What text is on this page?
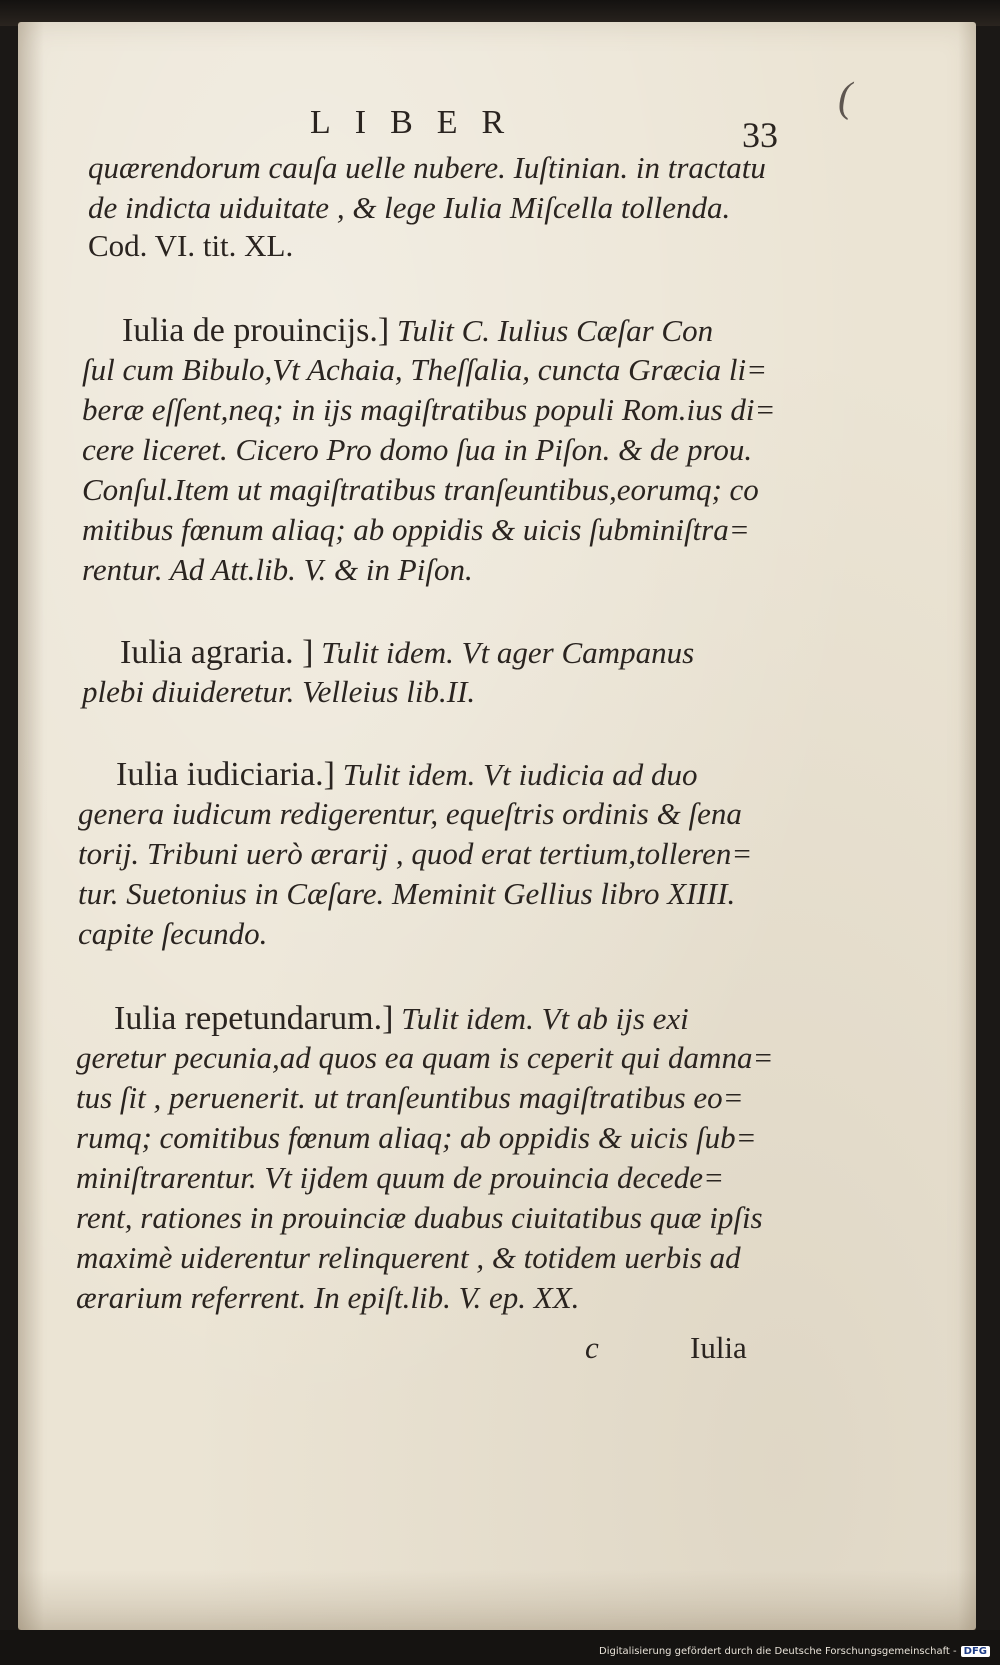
LIBER	33
(
quærendorum cauſa uelle nubere. Iuſtinian. in tractatu
de indicta uiduitate , & lege Iulia Miſcella tollenda.
Cod. VI. tit. XL.
Iulia de prouincijs.] Tulit C. Iulius Cæſar Con
ſul cum Bibulo,Vt Achaia, Theſſalia, cuncta Græcia li=
beræ eſſent,neq; in ijs magiſtratibus populi Rom.ius di=
cere liceret. Cicero Pro domo ſua in Piſon. & de prou.
Conſul.Item ut magiſtratibus tranſeuntibus,eorumq; co
mitibus fœnum aliaq; ab oppidis & uicis ſubminiſtra=
rentur. Ad Att.lib. V. & in Piſon.
Iulia agraria. ] Tulit idem. Vt ager Campanus
plebi diuideretur. Velleius lib.II.
Iulia iudiciaria.] Tulit idem. Vt iudicia ad duo
genera iudicum redigerentur, equeſtris ordinis & ſena
torij. Tribuni uerò ærarij , quod erat tertium,tolleren=
tur. Suetonius in Cæſare. Meminit Gellius libro XIIII.
capite ſecundo.
Iulia repetundarum.] Tulit idem. Vt ab ijs exi
geretur pecunia,ad quos ea quam is ceperit qui damna=
tus ſit , peruenerit. ut tranſeuntibus magiſtratibus eo=
rumq; comitibus fœnum aliaq; ab oppidis & uicis ſub=
miniſtrarentur. Vt ijdem quum de prouincia decede=
rent, rationes in prouinciæ duabus ciuitatibus quæ ipſis
maximè uiderentur relinquerent , & totidem uerbis ad
ærarium referrent. In epiſt.lib. V. ep. XX.
c	Iulia
Digitalisierung gefördert durch die Deutsche Forschungsgemeinschaft - DFG
